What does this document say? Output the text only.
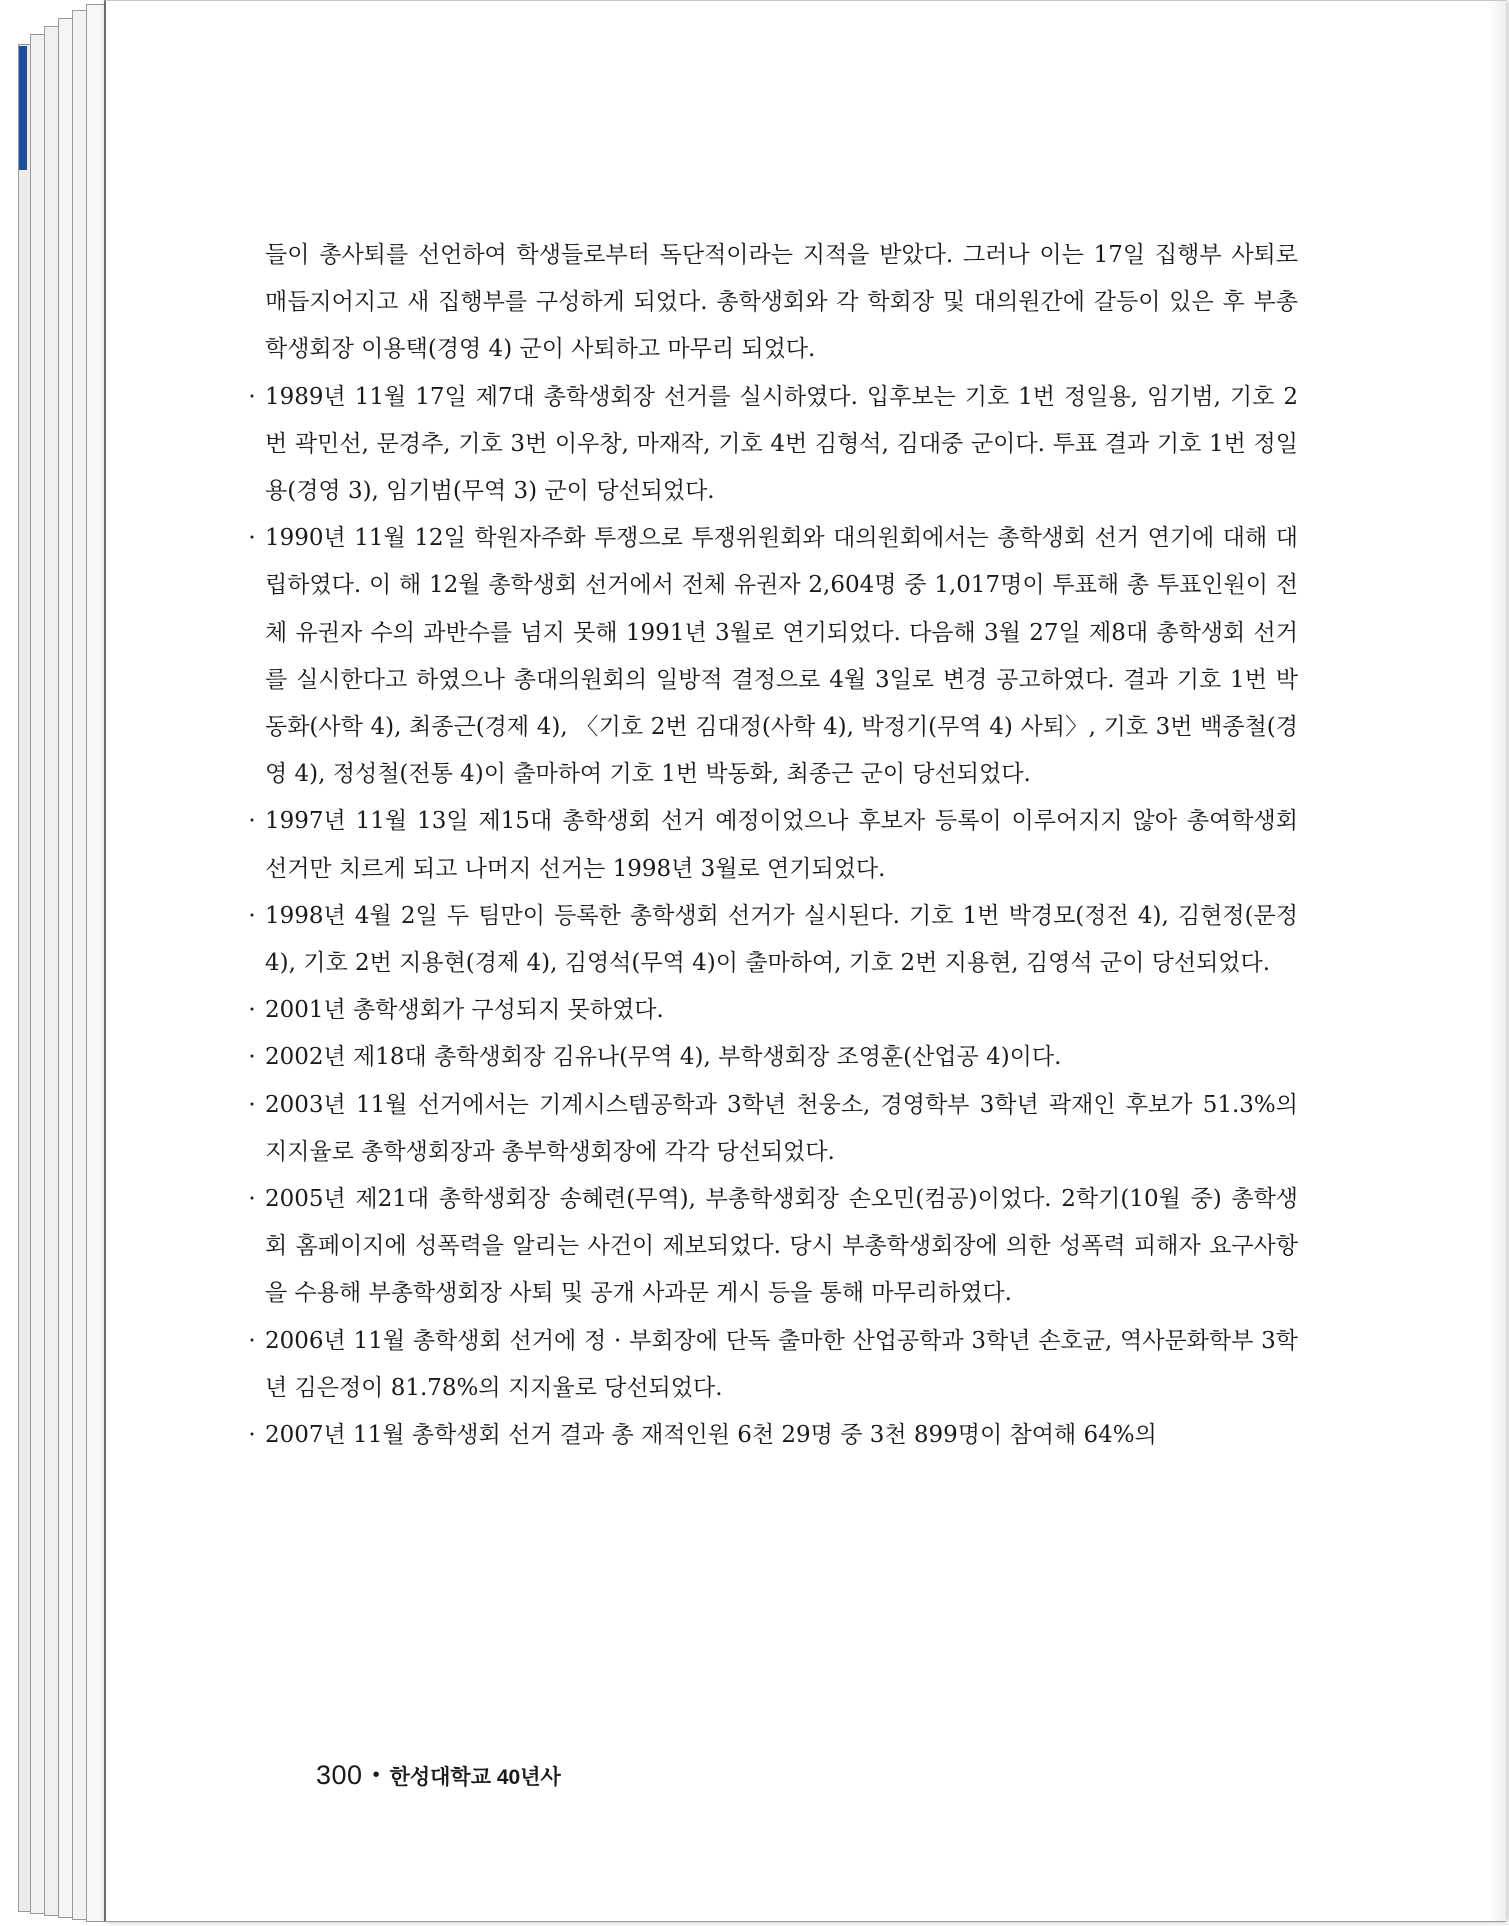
들이 총사퇴를 선언하여 학생들로부터 독단적이라는 지적을 받았다. 그러나 이는 17일 집행부 사퇴로 매듭지어지고 새 집행부를 구성하게 되었다. 총학생회와 각 학회장 및 대의원간에 갈등이 있은 후 부총학생회장 이용택(경영 4) 군이 사퇴하고 마무리 되었다.

· 1989년 11월 17일 제7대 총학생회장 선거를 실시하였다. 입후보는 기호 1번 정일용, 임기범, 기호 2번 곽민선, 문경추, 기호 3번 이우창, 마재작, 기호 4번 김형석, 김대중 군이다. 투표 결과 기호 1번 정일용(경영 3), 임기범(무역 3) 군이 당선되었다.

· 1990년 11월 12일 학원자주화 투쟁으로 투쟁위원회와 대의원회에서는 총학생회 선거 연기에 대해 대립하였다. 이 해 12월 총학생회 선거에서 전체 유권자 2,604명 중 1,017명이 투표해 총 투표인원이 전체 유권자 수의 과반수를 넘지 못해 1991년 3월로 연기되었다. 다음해 3월 27일 제8대 총학생회 선거를 실시한다고 하였으나 총대의원회의 일방적 결정으로 4월 3일로 변경 공고하였다. 결과 기호 1번 박동화(사학 4), 최종근(경제 4), 〈기호 2번 김대정(사학 4), 박정기(무역 4) 사퇴〉, 기호 3번 백종철(경영 4), 정성철(전통 4)이 출마하여 기호 1번 박동화, 최종근 군이 당선되었다.

· 1997년 11월 13일 제15대 총학생회 선거 예정이었으나 후보자 등록이 이루어지지 않아 총여학생회 선거만 치르게 되고 나머지 선거는 1998년 3월로 연기되었다.

· 1998년 4월 2일 두 팀만이 등록한 총학생회 선거가 실시된다. 기호 1번 박경모(정전 4), 김현정(문정 4), 기호 2번 지용현(경제 4), 김영석(무역 4)이 출마하여, 기호 2번 지용현, 김영석 군이 당선되었다.

· 2001년 총학생회가 구성되지 못하였다.

· 2002년 제18대 총학생회장 김유나(무역 4), 부학생회장 조영훈(산업공 4)이다.

· 2003년 11월 선거에서는 기계시스템공학과 3학년 천웅소, 경영학부 3학년 곽재인 후보가 51.3%의 지지율로 총학생회장과 총부학생회장에 각각 당선되었다.

· 2005년 제21대 총학생회장 송혜련(무역), 부총학생회장 손오민(컴공)이었다. 2학기(10월 중) 총학생회 홈페이지에 성폭력을 알리는 사건이 제보되었다. 당시 부총학생회장에 의한 성폭력 피해자 요구사항을 수용해 부총학생회장 사퇴 및 공개 사과문 게시 등을 통해 마무리하였다.

· 2006년 11월 총학생회 선거에 정 · 부회장에 단독 출마한 산업공학과 3학년 손호균, 역사문화학부 3학년 김은정이 81.78%의 지지율로 당선되었다.

· 2007년 11월 총학생회 선거 결과 총 재적인원 6천 29명 중 3천 899명이 참여해 64%의

300 • 한성대학교 40년사
